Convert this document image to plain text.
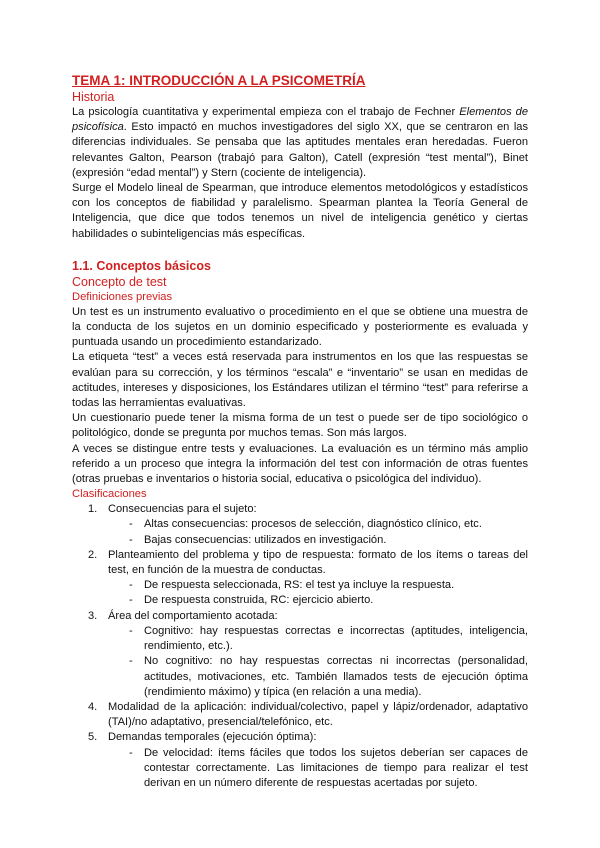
TEMA 1: INTRODUCCIÓN A LA PSICOMETRÍA
Historia

La psicología cuantitativa y experimental empieza con el trabajo de Fechner Elementos de psicofísica. Esto impactó en muchos investigadores del siglo XX, que se centraron en las diferencias individuales. Se pensaba que las aptitudes mentales eran heredadas. Fueron relevantes Galton, Pearson (trabajó para Galton), Catell (expresión “test mental”), Binet (expresión “edad mental”) y Stern (cociente de inteligencia).

Surge el Modelo lineal de Spearman, que introduce elementos metodológicos y estadísticos con los conceptos de fiabilidad y paralelismo. Spearman plantea la Teoría General de Inteligencia, que dice que todos tenemos un nivel de inteligencia genético y ciertas habilidades o subinteligencias más específicas.

1.1. Conceptos básicos
Concepto de test
Definiciones previas

Un test es un instrumento evaluativo o procedimiento en el que se obtiene una muestra de la conducta de los sujetos en un dominio especificado y posteriormente es evaluada y puntuada usando un procedimiento estandarizado.

La etiqueta “test” a veces está reservada para instrumentos en los que las respuestas se evalúan para su corrección, y los términos “escala” e “inventario” se usan en medidas de actitudes, intereses y disposiciones, los Estándares utilizan el término “test” para referirse a todas las herramientas evaluativas.

Un cuestionario puede tener la misma forma de un test o puede ser de tipo sociológico o politológico, donde se pregunta por muchos temas. Son más largos.

A veces se distingue entre tests y evaluaciones. La evaluación es un término más amplio referido a un proceso que integra la información del test con información de otras fuentes (otras pruebas e inventarios o historia social, educativa o psicológica del individuo).

Clasificaciones
1. Consecuencias para el sujeto:
- Altas consecuencias: procesos de selección, diagnóstico clínico, etc.
- Bajas consecuencias: utilizados en investigación.
2. Planteamiento del problema y tipo de respuesta: formato de los ítems o tareas del test, en función de la muestra de conductas.
- De respuesta seleccionada, RS: el test ya incluye la respuesta.
- De respuesta construida, RC: ejercicio abierto.
3. Área del comportamiento acotada:
- Cognitivo: hay respuestas correctas e incorrectas (aptitudes, inteligencia, rendimiento, etc.).
- No cognitivo: no hay respuestas correctas ni incorrectas (personalidad, actitudes, motivaciones, etc. También llamados tests de ejecución óptima (rendimiento máximo) y típica (en relación a una media).
4. Modalidad de la aplicación: individual/colectivo, papel y lápiz/ordenador, adaptativo (TAI)/no adaptativo, presencial/telefónico, etc.
5. Demandas temporales (ejecución óptima):
- De velocidad: ítems fáciles que todos los sujetos deberían ser capaces de contestar correctamente. Las limitaciones de tiempo para realizar el test derivan en un número diferente de respuestas acertadas por sujeto.
